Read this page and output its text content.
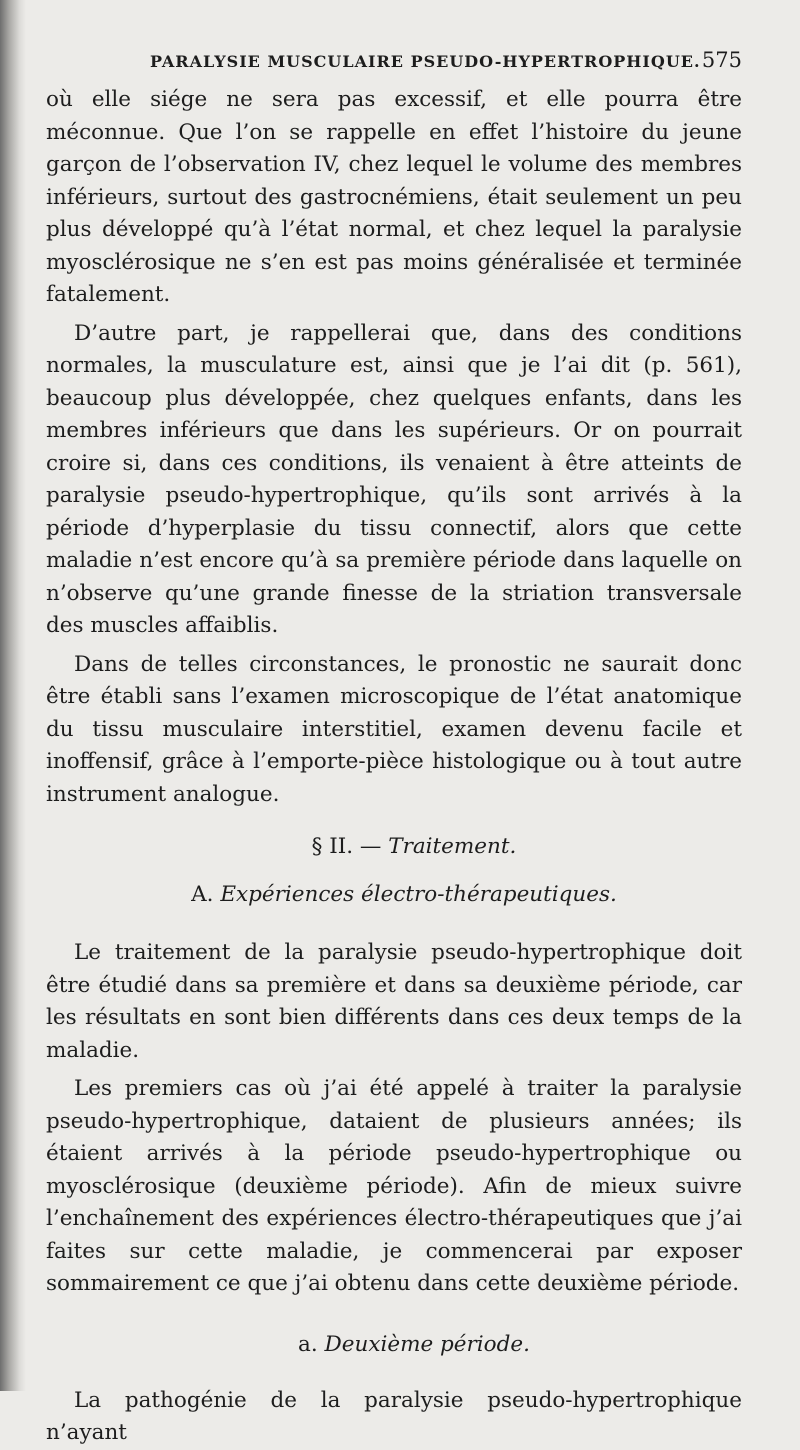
PARALYSIE MUSCULAIRE PSEUDO-HYPERTROPHIQUE. 575

où elle siége ne sera pas excessif, et elle pourra être méconnue. Que l’on se rappelle en effet l’histoire du jeune garçon de l’observation IV, chez lequel le volume des membres inférieurs, surtout des gastrocnémiens, était seulement un peu plus développé qu’à l’état normal, et chez lequel la paralysie myosclérosique ne s’en est pas moins généralisée et terminée fatalement.

D’autre part, je rappellerai que, dans des conditions normales, la musculature est, ainsi que je l’ai dit (p. 561), beaucoup plus développée, chez quelques enfants, dans les membres inférieurs que dans les supérieurs. Or on pourrait croire si, dans ces conditions, ils venaient à être atteints de paralysie pseudo-hypertrophique, qu’ils sont arrivés à la période d’hyperplasie du tissu connectif, alors que cette maladie n’est encore qu’à sa première période dans laquelle on n’observe qu’une grande finesse de la striation transversale des muscles affaiblis.

Dans de telles circonstances, le pronostic ne saurait donc être établi sans l’examen microscopique de l’état anatomique du tissu musculaire interstitiel, examen devenu facile et inoffensif, grâce à l’emporte-pièce histologique ou à tout autre instrument analogue.

§ II. — Traitement.

A. Expériences électro-thérapeutiques.

Le traitement de la paralysie pseudo-hypertrophique doit être étudié dans sa première et dans sa deuxième période, car les résultats en sont bien différents dans ces deux temps de la maladie.

Les premiers cas où j’ai été appelé à traiter la paralysie pseudo-hypertrophique, dataient de plusieurs années; ils étaient arrivés à la période pseudo-hypertrophique ou myosclérosique (deuxième période). Afin de mieux suivre l’enchaînement des expériences électro-thérapeutiques que j’ai faites sur cette maladie, je commencerai par exposer sommairement ce que j’ai obtenu dans cette deuxième période.

a. Deuxième période.

La pathogénie de la paralysie pseudo-hypertrophique n’ayant
